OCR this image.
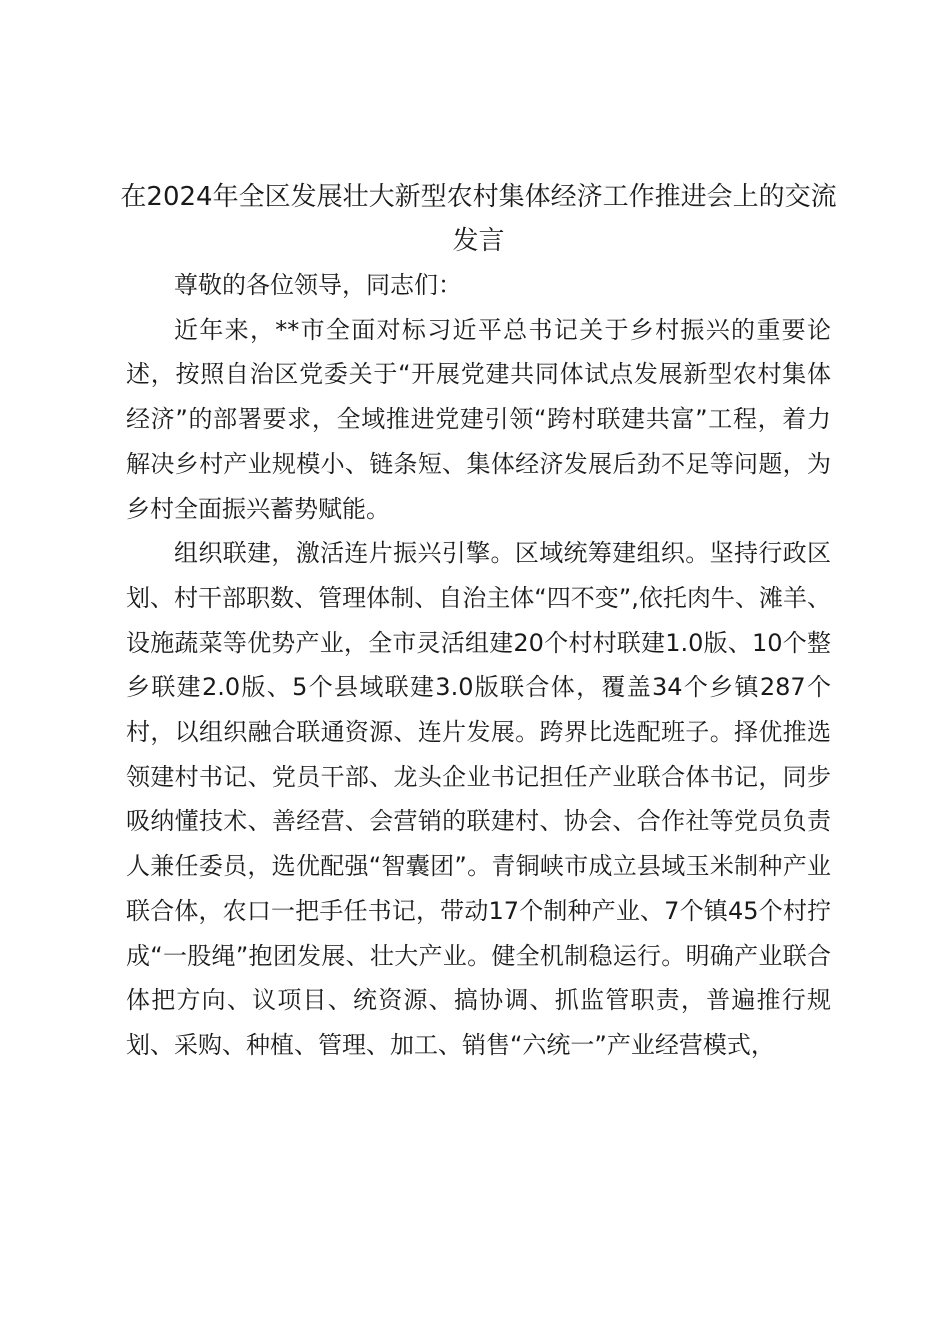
在2024年全区发展壮大新型农村集体经济工作推进会上的交流发言

尊敬的各位领导，同志们：

近年来，**市全面对标习近平总书记关于乡村振兴的重要论述，按照自治区党委关于“开展党建共同体试点发展新型农村集体经济”的部署要求，全域推进党建引领“跨村联建共富”工程，着力解决乡村产业规模小、链条短、集体经济发展后劲不足等问题，为乡村全面振兴蓄势赋能。

组织联建，激活连片振兴引擎。区域统筹建组织。坚持行政区划、村干部职数、管理体制、自治主体“四不变”,依托肉牛、滩羊、设施蔬菜等优势产业，全市灵活组建20个村村联建1.0版、10个整乡联建2.0版、5个县域联建3.0版联合体，覆盖34个乡镇287个村，以组织融合联通资源、连片发展。跨界比选配班子。择优推选领建村书记、党员干部、龙头企业书记担任产业联合体书记，同步吸纳懂技术、善经营、会营销的联建村、协会、合作社等党员负责人兼任委员，选优配强“智囊团”。青铜峡市成立县域玉米制种产业联合体，农口一把手任书记，带动17个制种产业、7个镇45个村拧成“一股绳”抱团发展、壮大产业。健全机制稳运行。明确产业联合体把方向、议项目、统资源、搞协调、抓监管职责，普遍推行规划、采购、种植、管理、加工、销售“六统一”产业经营模式，
